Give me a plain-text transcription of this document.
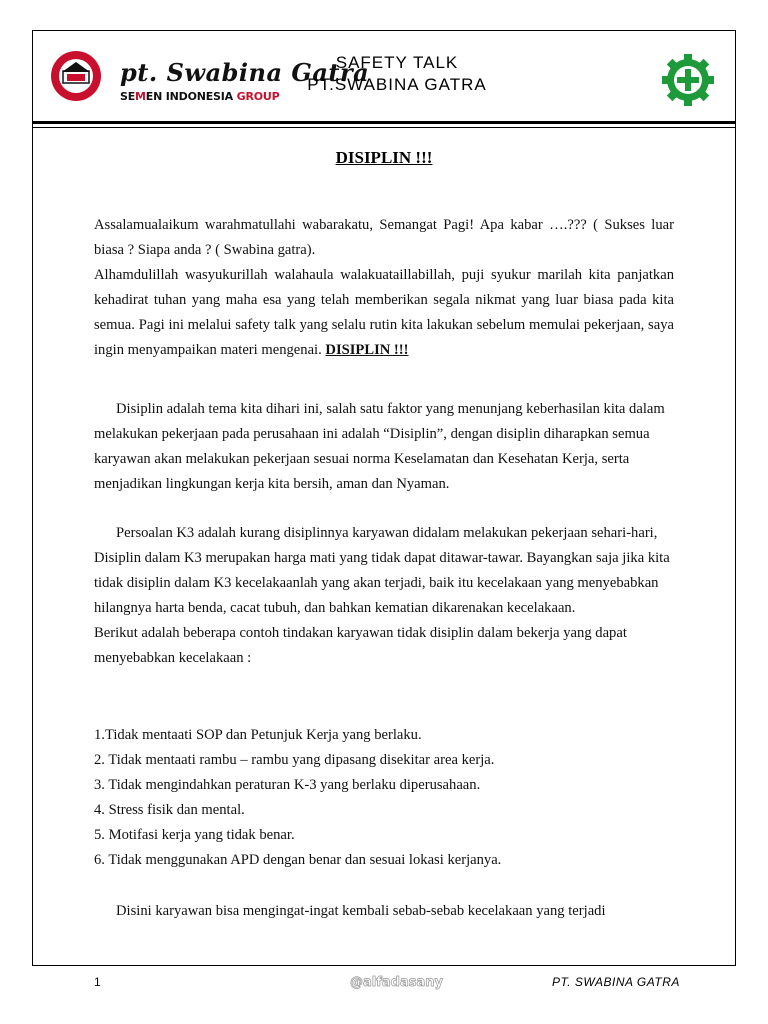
pt. Swabina Gatra
SEMEN INDONESIA GROUP
SAFETY TALK
PT.SWABINA GATRA
DISIPLIN !!!

Assalamualaikum warahmatullahi wabarakatu, Semangat Pagi! Apa kabar ….??? ( Sukses luar biasa ? Siapa anda ? ( Swabina gatra).

Alhamdulillah wasyukurillah walahaula walakuataillabillah, puji syukur marilah kita panjatkan kehadirat tuhan yang maha esa yang telah memberikan segala nikmat yang luar biasa pada kita semua. Pagi ini melalui safety talk yang selalu rutin kita lakukan sebelum memulai pekerjaan, saya ingin menyampaikan materi mengenai. DISIPLIN !!!

Disiplin adalah tema kita dihari ini, salah satu faktor yang menunjang keberhasilan kita dalam melakukan pekerjaan pada perusahaan ini adalah “Disiplin”, dengan disiplin diharapkan semua karyawan akan melakukan pekerjaan sesuai norma Keselamatan dan Kesehatan Kerja, serta menjadikan lingkungan kerja kita bersih, aman dan Nyaman.

Persoalan K3 adalah kurang disiplinnya karyawan didalam melakukan pekerjaan sehari-hari, Disiplin dalam K3 merupakan harga mati yang tidak dapat ditawar-tawar. Bayangkan saja jika kita tidak disiplin dalam K3 kecelakaanlah yang akan terjadi, baik itu kecelakaan yang menyebabkan hilangnya harta benda, cacat tubuh, dan bahkan kematian dikarenakan kecelakaan.

Berikut adalah beberapa contoh tindakan karyawan tidak disiplin dalam bekerja yang dapat menyebabkan kecelakaan :

1.Tidak mentaati SOP dan Petunjuk Kerja yang berlaku.
2. Tidak mentaati rambu – rambu yang dipasang disekitar area kerja.
3. Tidak mengindahkan peraturan K-3 yang berlaku diperusahaan.
4. Stress fisik dan mental.
5. Motifasi kerja yang tidak benar.
6. Tidak menggunakan APD dengan benar dan sesuai lokasi kerjanya.

Disini karyawan bisa mengingat-ingat kembali sebab-sebab kecelakaan yang terjadi

1	@alfadasany	PT. SWABINA GATRA
